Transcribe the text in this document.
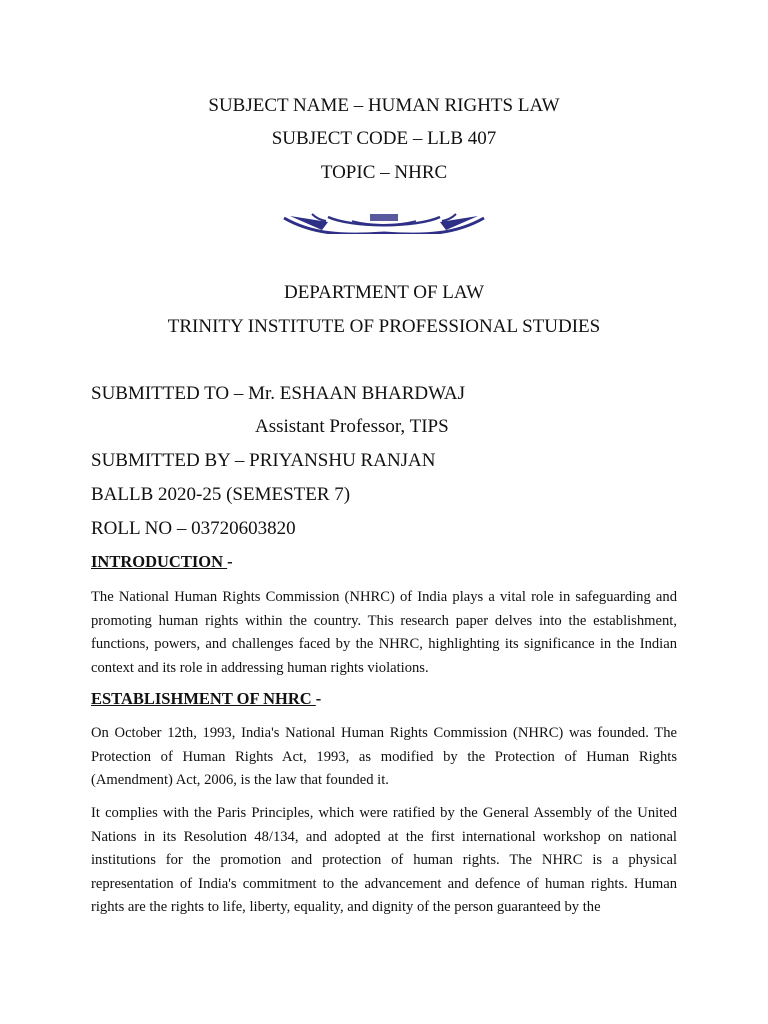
SUBJECT NAME – HUMAN RIGHTS LAW
SUBJECT CODE – LLB 407
TOPIC – NHRC
DEPARTMENT OF LAW
TRINITY INSTITUTE OF PROFESSIONAL STUDIES
SUBMITTED TO – Mr. ESHAAN BHARDWAJ
Assistant Professor, TIPS
SUBMITTED BY – PRIYANSHU RANJAN
BALLB 2020-25 (SEMESTER 7)
ROLL NO – 03720603820
INTRODUCTION -
The National Human Rights Commission (NHRC) of India plays a vital role in safeguarding and promoting human rights within the country. This research paper delves into the establishment, functions, powers, and challenges faced by the NHRC, highlighting its significance in the Indian context and its role in addressing human rights violations.
ESTABLISHMENT OF NHRC -
On October 12th, 1993, India's National Human Rights Commission (NHRC) was founded. The Protection of Human Rights Act, 1993, as modified by the Protection of Human Rights (Amendment) Act, 2006, is the law that founded it.
It complies with the Paris Principles, which were ratified by the General Assembly of the United Nations in its Resolution 48/134, and adopted at the first international workshop on national institutions for the promotion and protection of human rights. The NHRC is a physical representation of India's commitment to the advancement and defence of human rights. Human rights are the rights to life, liberty, equality, and dignity of the person guaranteed by the
